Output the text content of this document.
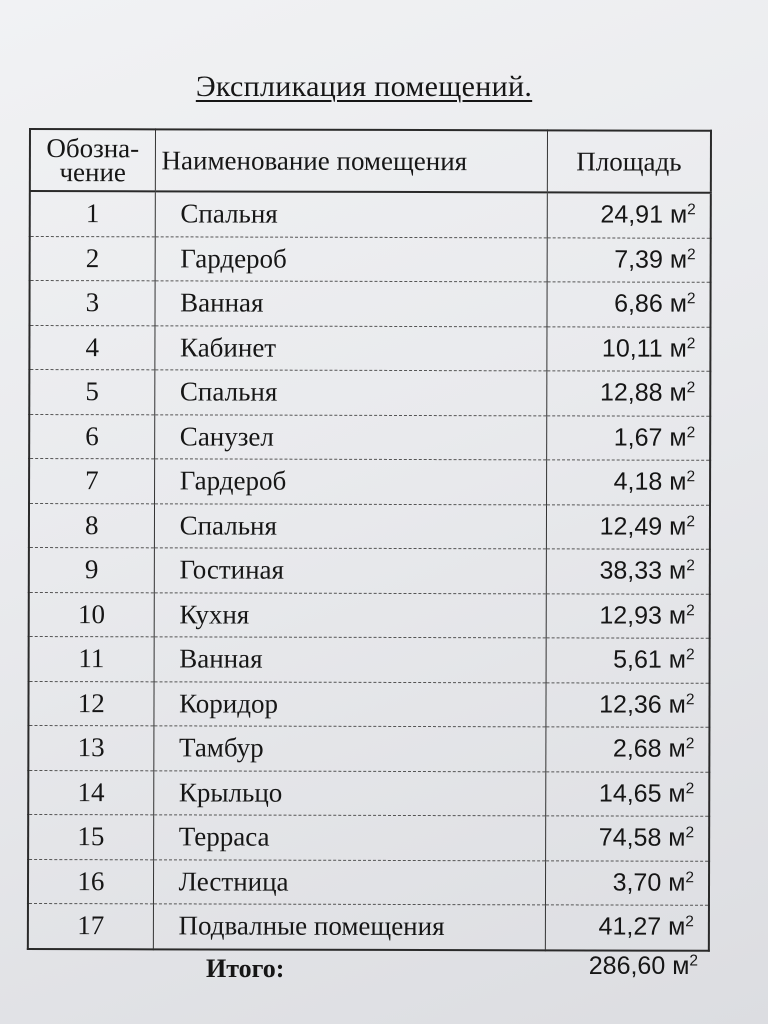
Экспликация помещений.
Обозна-
чение	Наименование помещения	Площадь
1	Спальня	24,91 $м^2$
2	Гардероб	7,39 $м^2$
3	Ванная	6,86 $м^2$
4	Кабинет	10,11 $м^2$
5	Спальня	12,88 $м^2$
6	Санузел	1,67 $м^2$
7	Гардероб	4,18 $м^2$
8	Спальня	12,49 $м^2$
9	Гостиная	38,33 $м^2$
10	Кухня	12,93 $м^2$
11	Ванная	5,61 $м^2$
12	Коридор	12,36 $м^2$
13	Тамбур	2,68 $м^2$
14	Крыльцо	14,65 $м^2$
15	Терраса	74,58 $м^2$
16	Лестница	3,70 $м^2$
17	Подвалные помещения	41,27 $м^2$
Итого:	286,60 $м^2$
